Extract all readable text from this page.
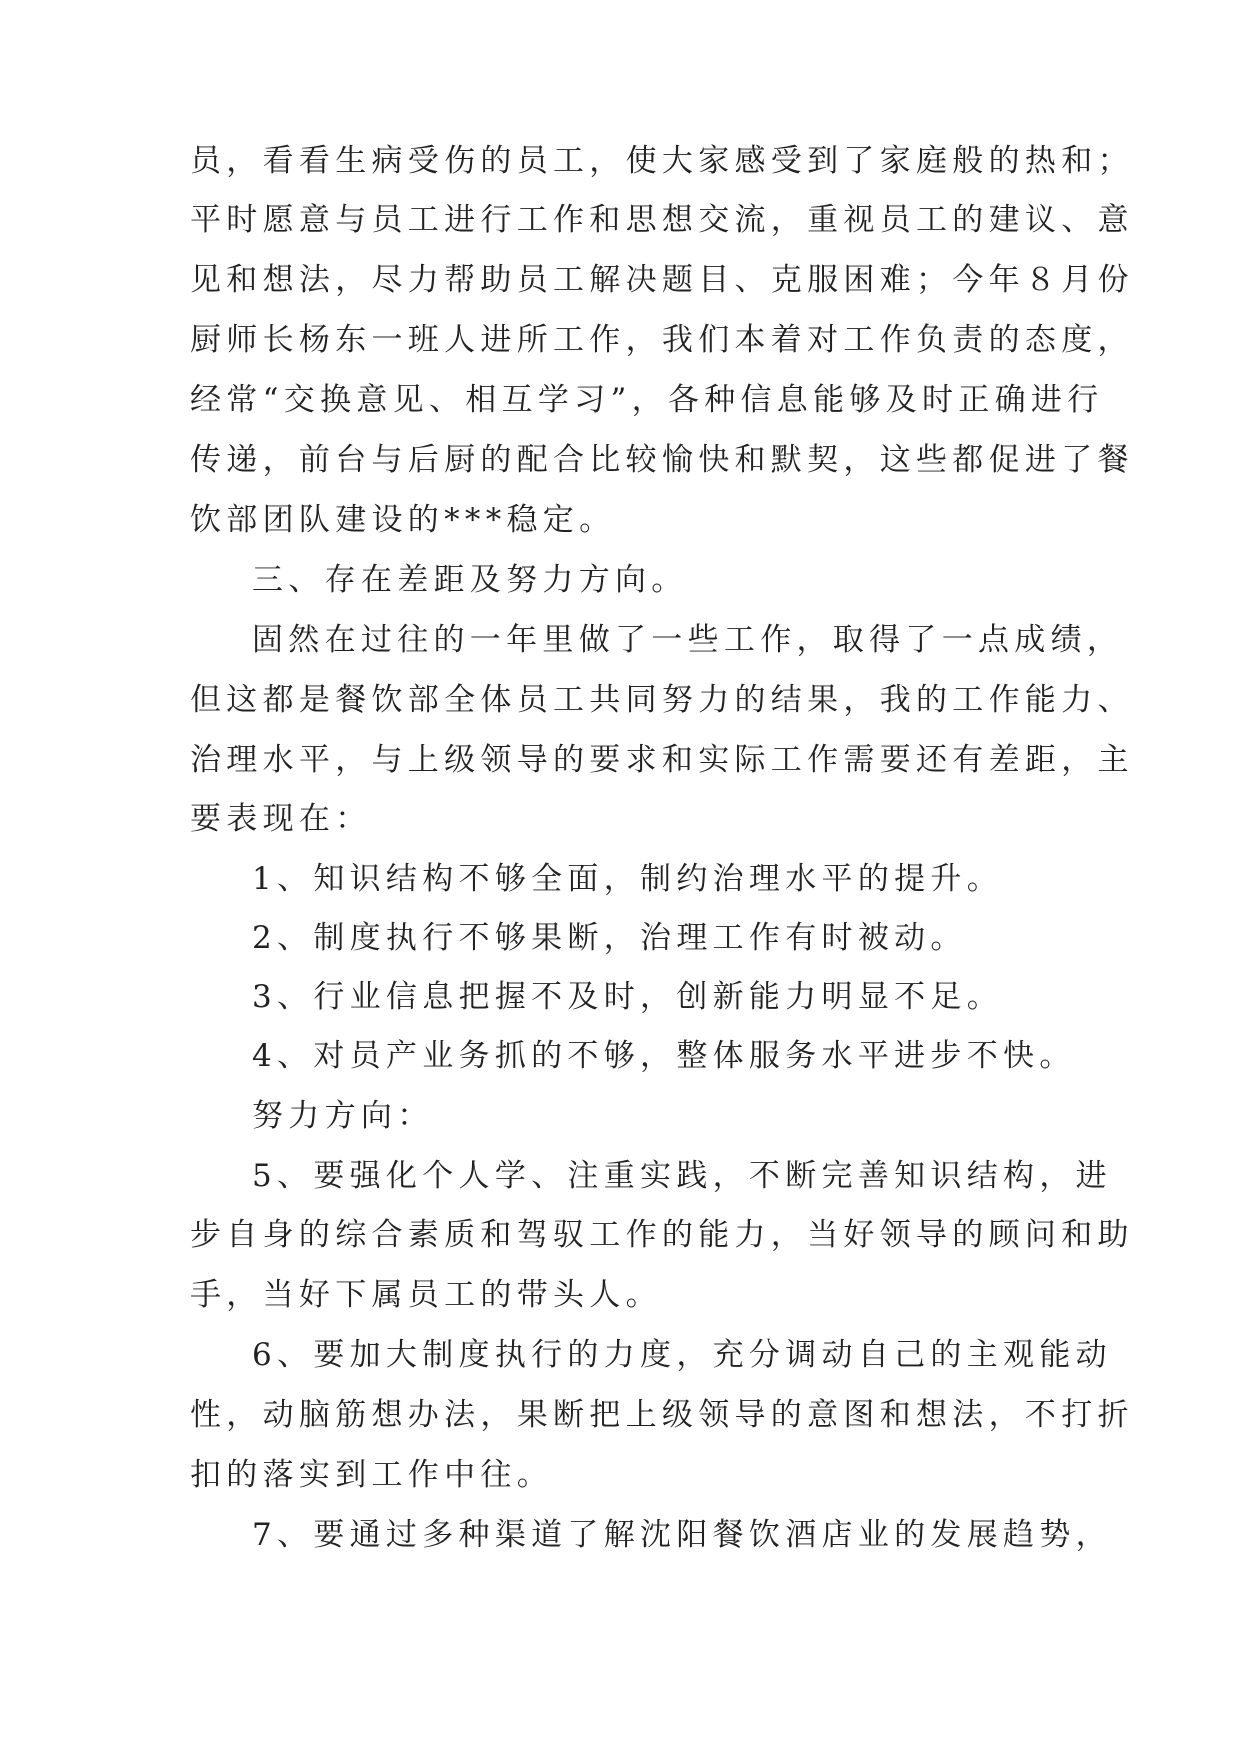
员，看看生病受伤的员工，使大家感受到了家庭般的热和；
平时愿意与员工进行工作和思想交流，重视员工的建议、意
见和想法，尽力帮助员工解决题目、克服困难；今年８月份
厨师长杨东一班人进所工作，我们本着对工作负责的态度，
经常“交换意见、相互学习”，各种信息能够及时正确进行
传递，前台与后厨的配合比较愉快和默契，这些都促进了餐
饮部团队建设的***稳定。
三、存在差距及努力方向。
固然在过往的一年里做了一些工作，取得了一点成绩，
但这都是餐饮部全体员工共同努力的结果，我的工作能力、
治理水平，与上级领导的要求和实际工作需要还有差距，主
要表现在：
1、知识结构不够全面，制约治理水平的提升。
2、制度执行不够果断，治理工作有时被动。
3、行业信息把握不及时，创新能力明显不足。
4、对员产业务抓的不够，整体服务水平进步不快。
努力方向：
5、要强化个人学、注重实践，不断完善知识结构，进
步自身的综合素质和驾驭工作的能力，当好领导的顾问和助
手，当好下属员工的带头人。
6、要加大制度执行的力度，充分调动自己的主观能动
性，动脑筋想办法，果断把上级领导的意图和想法，不打折
扣的落实到工作中往。
7、要通过多种渠道了解沈阳餐饮酒店业的发展趋势，
